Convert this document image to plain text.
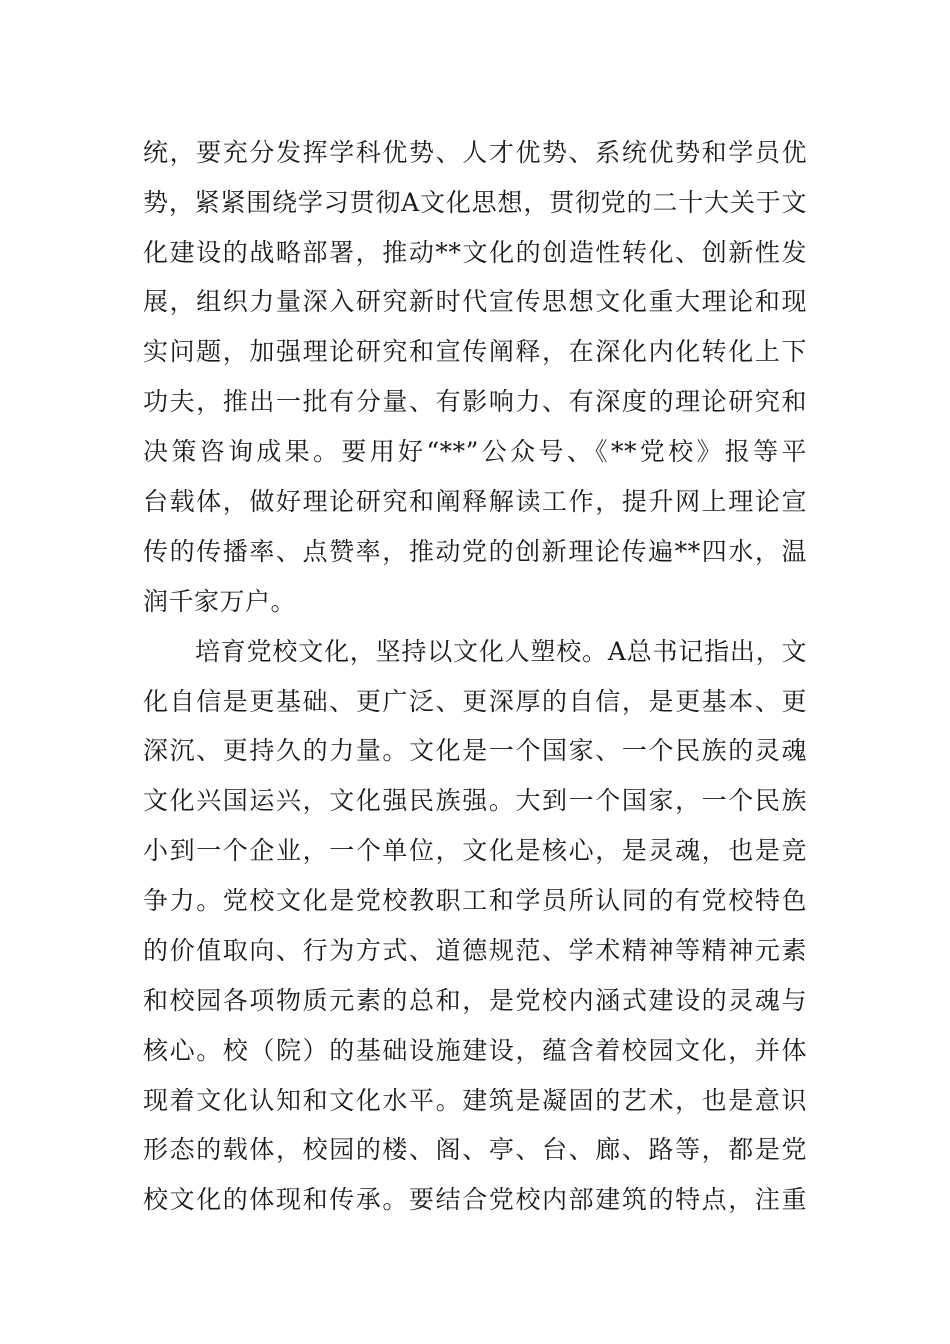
统，要充分发挥学科优势、人才优势、系统优势和学员优
势，紧紧围绕学习贯彻A文化思想，贯彻党的二十大关于文
化建设的战略部署，推动**文化的创造性转化、创新性发
展，组织力量深入研究新时代宣传思想文化重大理论和现
实问题，加强理论研究和宣传阐释，在深化内化转化上下
功夫，推出一批有分量、有影响力、有深度的理论研究和
决策咨询成果。要用好“**”公众号、《**党校》报等平
台载体，做好理论研究和阐释解读工作，提升网上理论宣
传的传播率、点赞率，推动党的创新理论传遍**四水，温
润千家万户。
培育党校文化，坚持以文化人塑校。A总书记指出，文
化自信是更基础、更广泛、更深厚的自信，是更基本、更
深沉、更持久的力量。文化是一个国家、一个民族的灵魂
文化兴国运兴，文化强民族强。大到一个国家，一个民族
小到一个企业，一个单位，文化是核心，是灵魂，也是竞
争力。党校文化是党校教职工和学员所认同的有党校特色
的价值取向、行为方式、道德规范、学术精神等精神元素
和校园各项物质元素的总和，是党校内涵式建设的灵魂与
核心。校（院）的基础设施建设，蕴含着校园文化，并体
现着文化认知和文化水平。建筑是凝固的艺术，也是意识
形态的载体，校园的楼、阁、亭、台、廊、路等，都是党
校文化的体现和传承。要结合党校内部建筑的特点，注重
